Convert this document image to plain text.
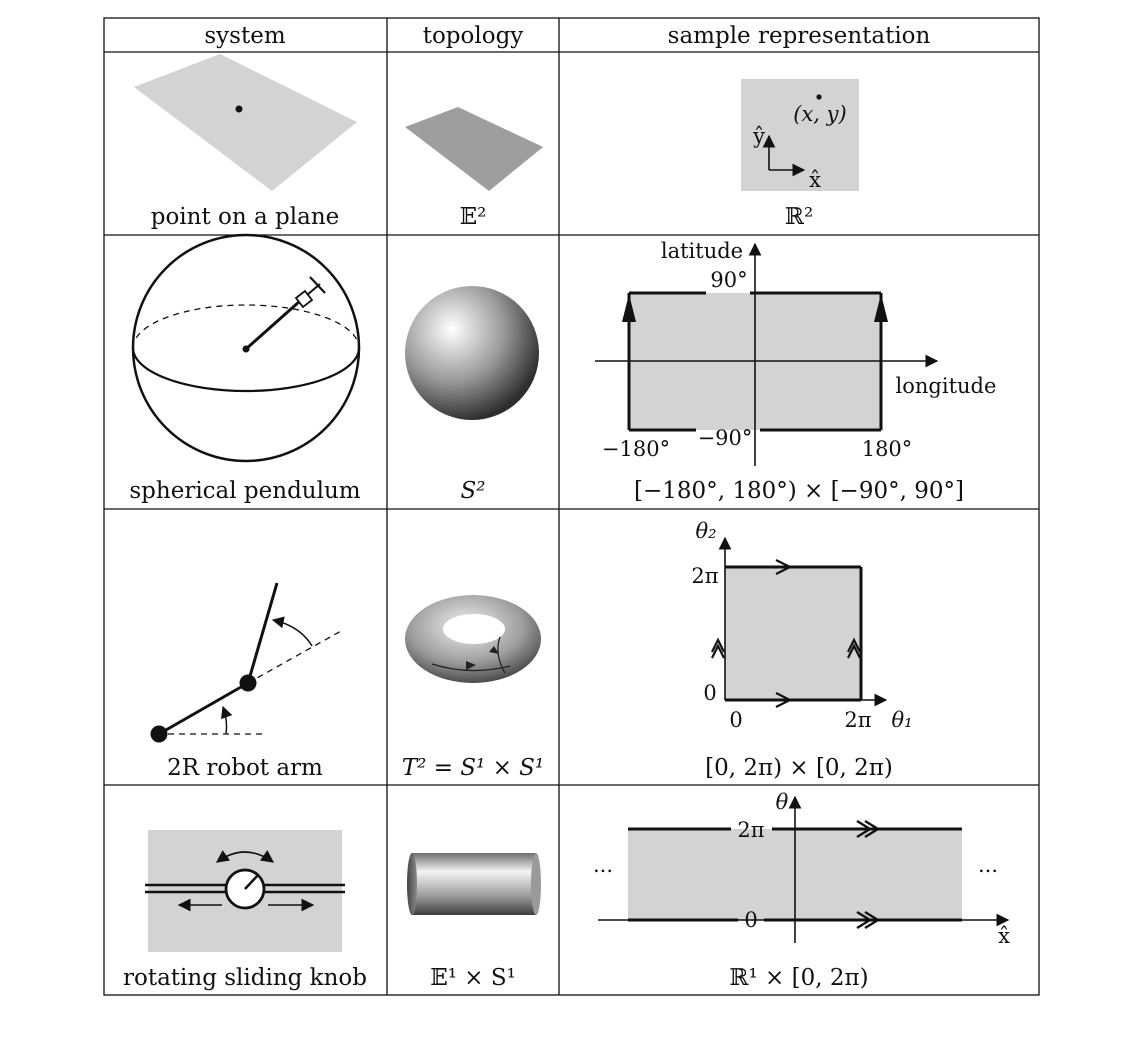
system	topology	sample representation
(x, y)
ŷ
x̂
point on a plane	𝔼²	ℝ²
latitude
90°
longitude
−90°
−180°	180°
spherical pendulum	S²	[−180°, 180°) × [−90°, 90°]
θ₂
2π
0
0	2π θ₁
2R robot arm	T² = S¹ × S¹	[0, 2π) × [0, 2π)
θ
2π
0
x̂
...	...
rotating sliding knob	𝔼¹ × S¹	ℝ¹ × [0, 2π)
